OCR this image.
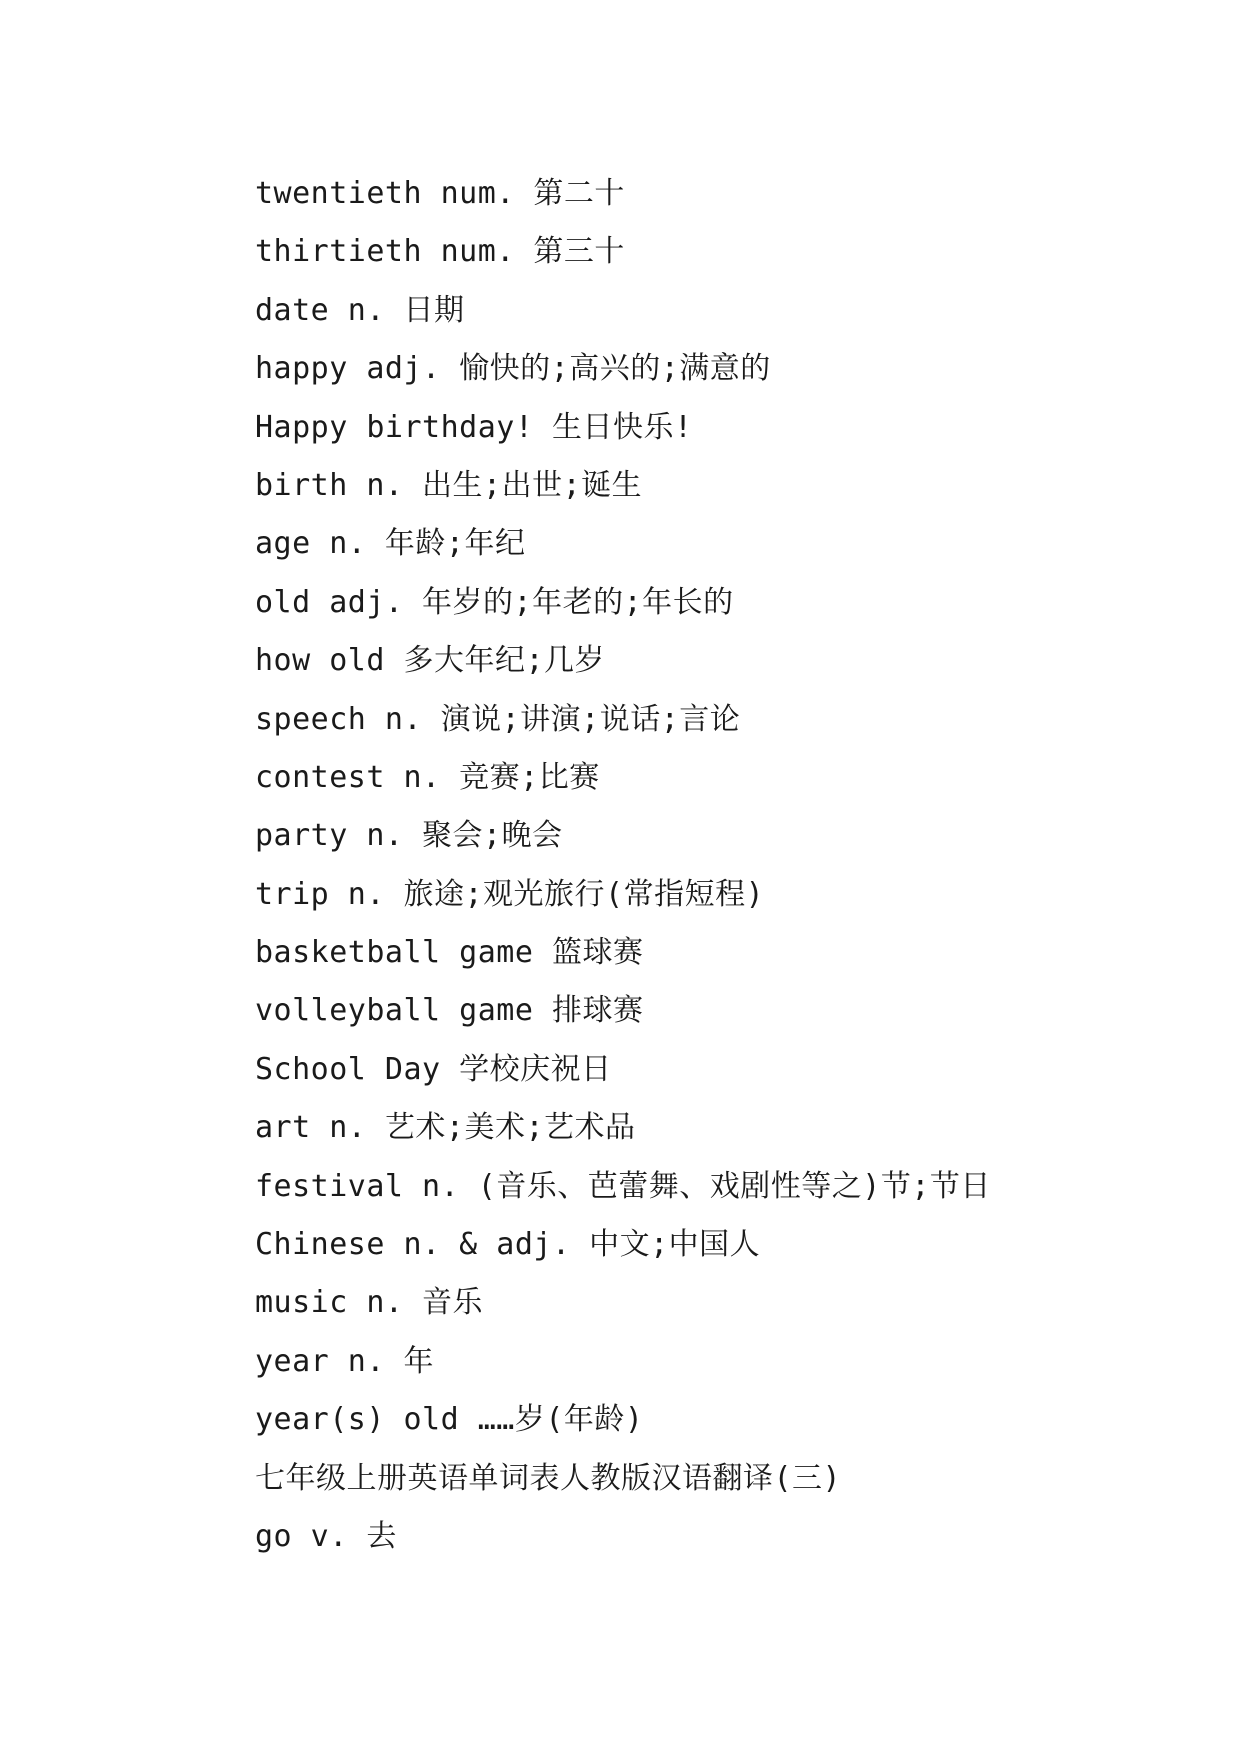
twentieth num. 第二十
thirtieth num. 第三十
date n. 日期
happy adj. 愉快的;高兴的;满意的
Happy birthday! 生日快乐!
birth n. 出生;出世;诞生
age n. 年龄;年纪
old adj. 年岁的;年老的;年长的
how old 多大年纪;几岁
speech n. 演说;讲演;说话;言论
contest n. 竞赛;比赛
party n. 聚会;晚会
trip n. 旅途;观光旅行(常指短程)
basketball game 篮球赛
volleyball game 排球赛
School Day 学校庆祝日
art n. 艺术;美术;艺术品
festival n. (音乐、芭蕾舞、戏剧性等之)节;节日
Chinese n. & adj. 中文;中国人
music n. 音乐
year n. 年
year(s) old ……岁(年龄)
七年级上册英语单词表人教版汉语翻译(三)
go v. 去
